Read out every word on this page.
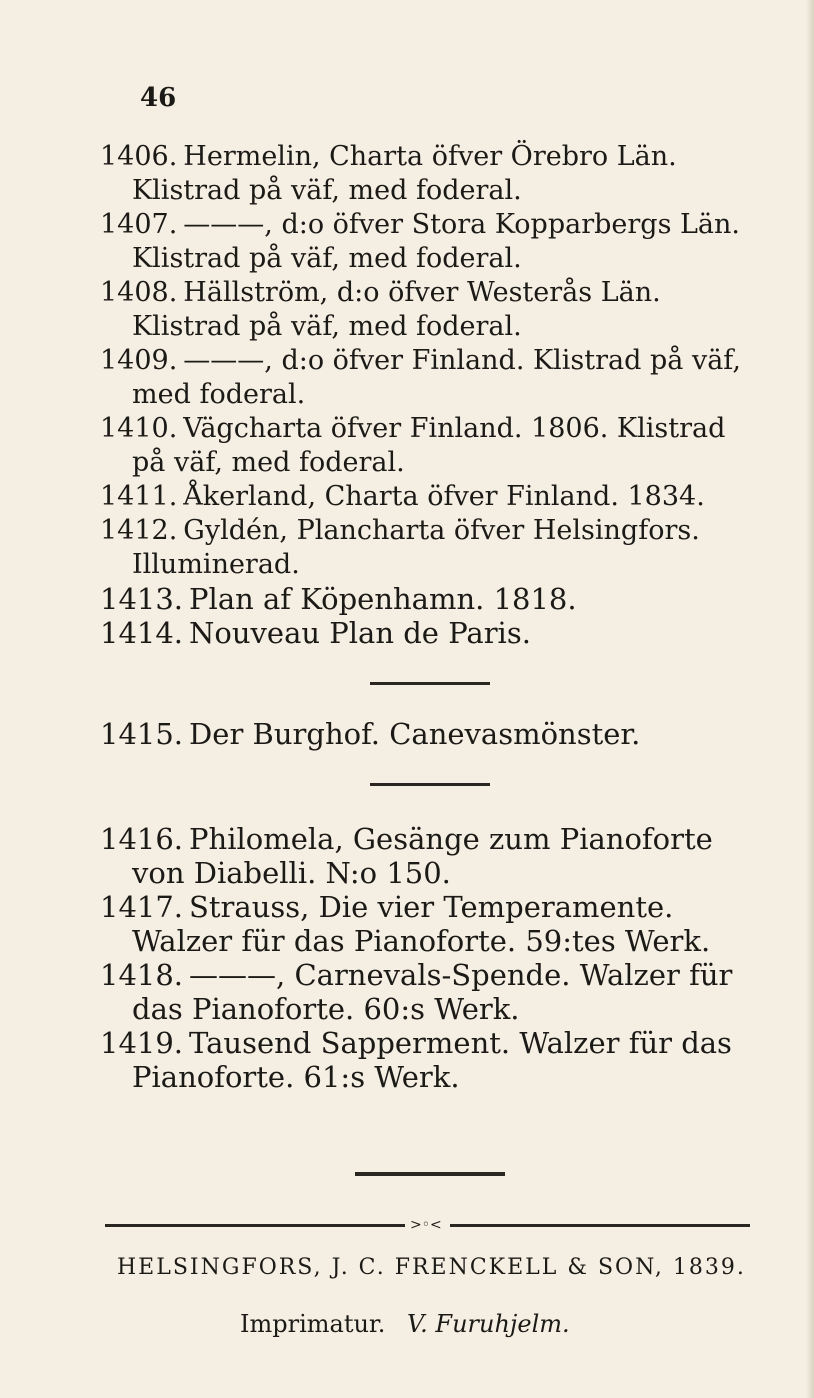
46

1406. Hermelin, Charta öfver Örebro Län. Klistrad på väf, med foderal.

1407. ———, d:o öfver Stora Kopparbergs Län. Klistrad på väf, med foderal.

1408. Hällström, d:o öfver Westerås Län. Klistrad på väf, med foderal.

1409. ———, d:o öfver Finland. Klistrad på väf, med foderal.

1410. Vägcharta öfver Finland. 1806. Klistrad på väf, med foderal.

1411. Åkerland, Charta öfver Finland. 1834.

1412. Gyldén, Plancharta öfver Helsingfors. Illuminerad.

1413. Plan af Köpenhamn. 1818.

1414. Nouveau Plan de Paris.

1415. Der Burghof. Canevasmönster.

1416. Philomela, Gesänge zum Pianoforte von Diabelli. N:o 150.

1417. Strauss, Die vier Temperamente. Walzer für das Pianoforte. 59:tes Werk.

1418. ———, Carnevals-Spende. Walzer für das Pianoforte. 60:s Werk.

1419. Tausend Sapperment. Walzer für das Pianoforte. 61:s Werk.

>◦<
HELSINGFORS, J. C. FRENCKELL & SON, 1839.
Imprimatur. V. Furuhjelm.
